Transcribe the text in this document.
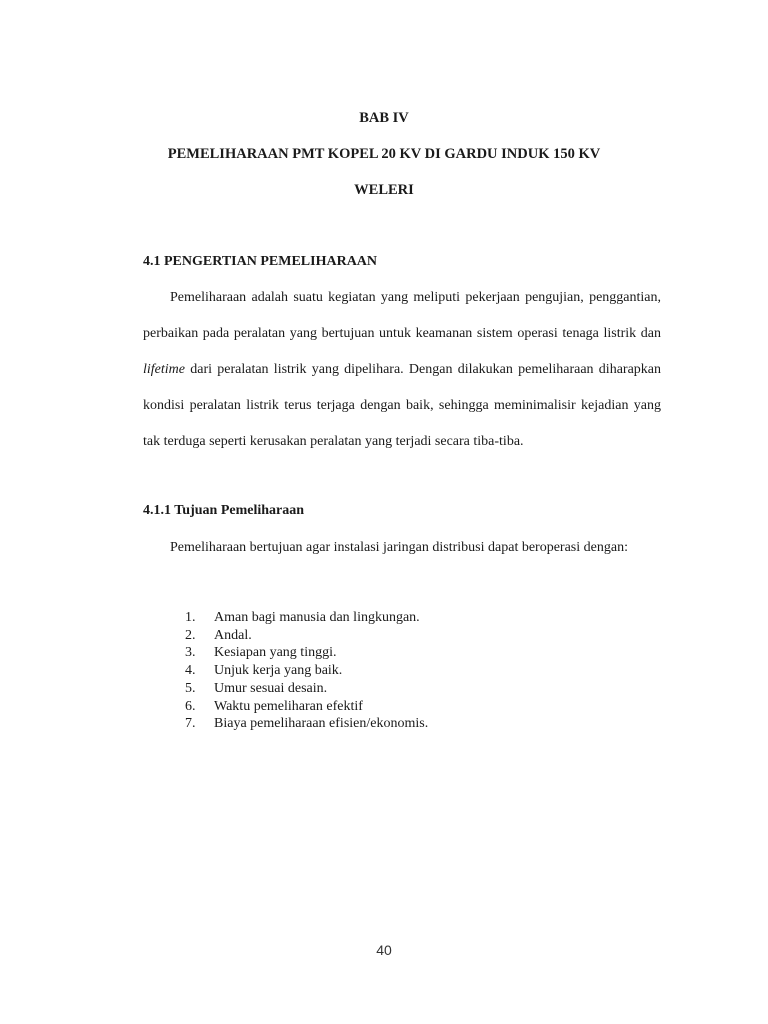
BAB IV
PEMELIHARAAN PMT KOPEL 20 KV DI GARDU INDUK 150 KV
WELERI
4.1 PENGERTIAN PEMELIHARAAN

Pemeliharaan adalah suatu kegiatan yang meliputi pekerjaan pengujian, penggantian, perbaikan pada peralatan yang bertujuan untuk keamanan sistem operasi tenaga listrik dan lifetime dari peralatan listrik yang dipelihara. Dengan dilakukan pemeliharaan diharapkan kondisi peralatan listrik terus terjaga dengan baik, sehingga meminimalisir kejadian yang tak terduga seperti kerusakan peralatan yang terjadi secara tiba-tiba.

4.1.1 Tujuan Pemeliharaan

Pemeliharaan bertujuan agar instalasi jaringan distribusi dapat beroperasi dengan:

1.	Aman bagi manusia dan lingkungan.
2.	Andal.
3.	Kesiapan yang tinggi.
4.	Unjuk kerja yang baik.
5.	Umur sesuai desain.
6.	Waktu pemeliharan efektif
7.	Biaya pemeliharaan efisien/ekonomis.
40
